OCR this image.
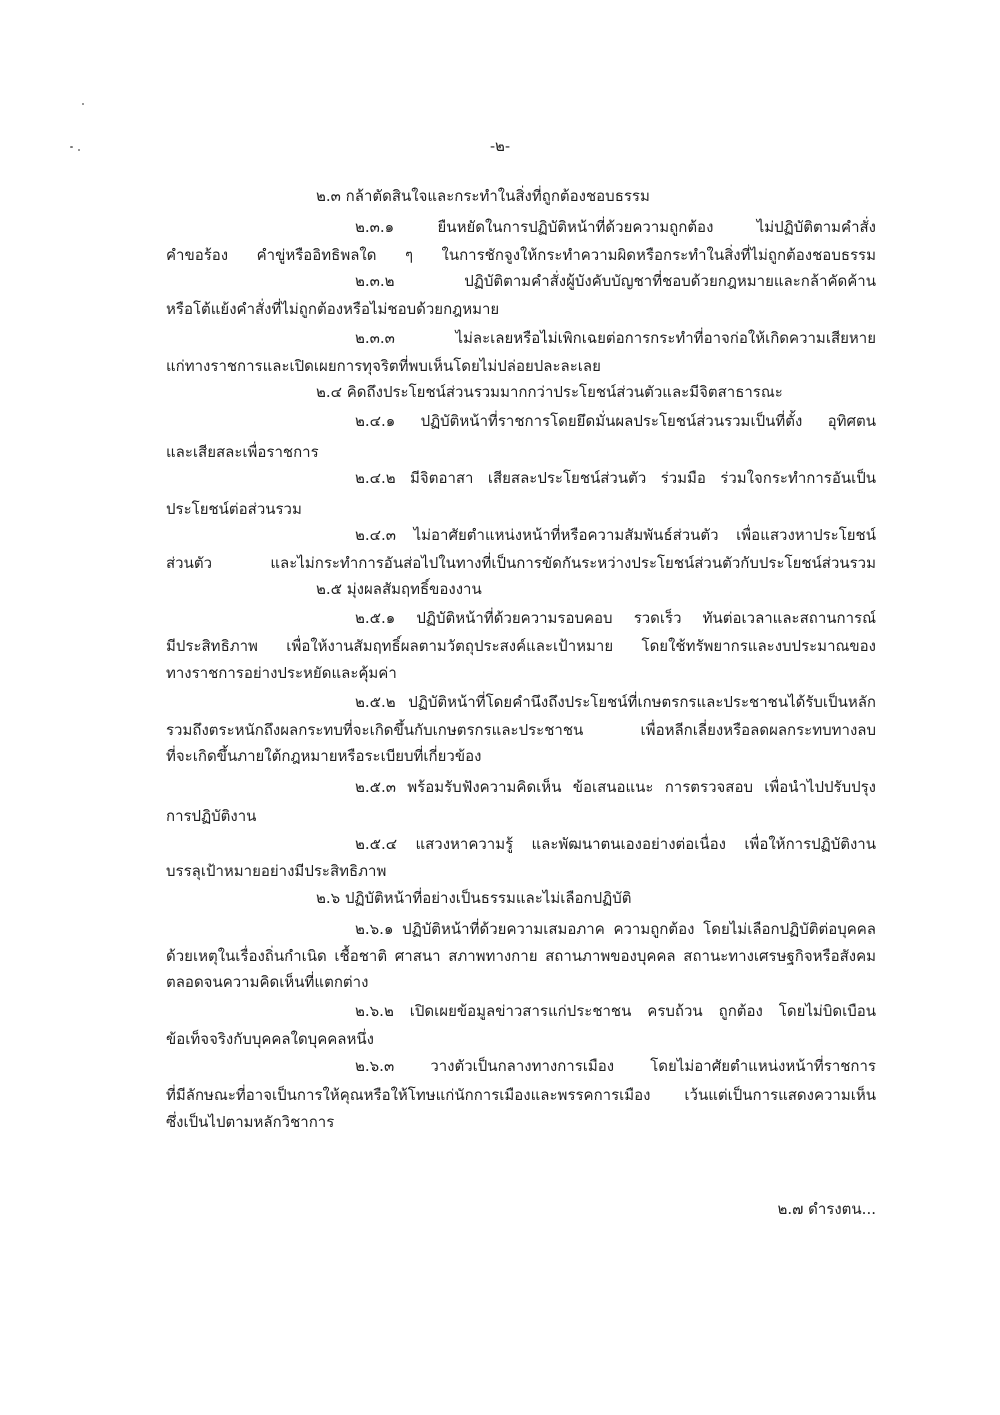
-๒-
๒.๓ กล้าตัดสินใจและกระทำในสิ่งที่ถูกต้องชอบธรรม
๒.๓.๑ ยืนหยัดในการปฏิบัติหน้าที่ด้วยความถูกต้อง ไม่ปฏิบัติตามคำสั่ง
คำขอร้อง คำขู่หรืออิทธิพลใด ๆ ในการชักจูงให้กระทำความผิดหรือกระทำในสิ่งที่ไม่ถูกต้องชอบธรรม
๒.๓.๒ ปฏิบัติตามคำสั่งผู้บังคับบัญชาที่ชอบด้วยกฎหมายและกล้าคัดค้าน
หรือโต้แย้งคำสั่งที่ไม่ถูกต้องหรือไม่ชอบด้วยกฎหมาย
๒.๓.๓ ไม่ละเลยหรือไม่เพิกเฉยต่อการกระทำที่อาจก่อให้เกิดความเสียหาย
แก่ทางราชการและเปิดเผยการทุจริตที่พบเห็นโดยไม่ปล่อยปละละเลย
๒.๔ คิดถึงประโยชน์ส่วนรวมมากกว่าประโยชน์ส่วนตัวและมีจิตสาธารณะ
๒.๔.๑ ปฏิบัติหน้าที่ราชการโดยยึดมั่นผลประโยชน์ส่วนรวมเป็นที่ตั้ง อุทิศตน
และเสียสละเพื่อราชการ
๒.๔.๒ มีจิตอาสา เสียสละประโยชน์ส่วนตัว ร่วมมือ ร่วมใจกระทำการอันเป็น
ประโยชน์ต่อส่วนรวม
๒.๔.๓ ไม่อาศัยตำแหน่งหน้าที่หรือความสัมพันธ์ส่วนตัว เพื่อแสวงหาประโยชน์
ส่วนตัว และไม่กระทำการอันส่อไปในทางที่เป็นการขัดกันระหว่างประโยชน์ส่วนตัวกับประโยชน์ส่วนรวม
๒.๕ มุ่งผลสัมฤทธิ์ของงาน
๒.๕.๑ ปฏิบัติหน้าที่ด้วยความรอบคอบ รวดเร็ว ทันต่อเวลาและสถานการณ์
มีประสิทธิภาพ เพื่อให้งานสัมฤทธิ์ผลตามวัตถุประสงค์และเป้าหมาย โดยใช้ทรัพยากรและงบประมาณของ
ทางราชการอย่างประหยัดและคุ้มค่า
๒.๕.๒ ปฏิบัติหน้าที่โดยคำนึงถึงประโยชน์ที่เกษตรกรและประชาชนได้รับเป็นหลัก
รวมถึงตระหนักถึงผลกระทบที่จะเกิดขึ้นกับเกษตรกรและประชาชน เพื่อหลีกเลี่ยงหรือลดผลกระทบทางลบ
ที่จะเกิดขึ้นภายใต้กฎหมายหรือระเบียบที่เกี่ยวข้อง
๒.๕.๓ พร้อมรับฟังความคิดเห็น ข้อเสนอแนะ การตรวจสอบ เพื่อนำไปปรับปรุง
การปฏิบัติงาน
๒.๕.๔ แสวงหาความรู้ และพัฒนาตนเองอย่างต่อเนื่อง เพื่อให้การปฏิบัติงาน
บรรลุเป้าหมายอย่างมีประสิทธิภาพ
๒.๖ ปฏิบัติหน้าที่อย่างเป็นธรรมและไม่เลือกปฏิบัติ
๒.๖.๑ ปฏิบัติหน้าที่ด้วยความเสมอภาค ความถูกต้อง โดยไม่เลือกปฏิบัติต่อบุคคล
ด้วยเหตุในเรื่องถิ่นกำเนิด เชื้อชาติ ศาสนา สภาพทางกาย สถานภาพของบุคคล สถานะทางเศรษฐกิจหรือสังคม
ตลอดจนความคิดเห็นที่แตกต่าง
๒.๖.๒ เปิดเผยข้อมูลข่าวสารแก่ประชาชน ครบถ้วน ถูกต้อง โดยไม่บิดเบือน
ข้อเท็จจริงกับบุคคลใดบุคคลหนึ่ง
๒.๖.๓ วางตัวเป็นกลางทางการเมือง โดยไม่อาศัยตำแหน่งหน้าที่ราชการ
ที่มีลักษณะที่อาจเป็นการให้คุณหรือให้โทษแก่นักการเมืองและพรรคการเมือง เว้นแต่เป็นการแสดงความเห็น
ซึ่งเป็นไปตามหลักวิชาการ
๒.๗ ดำรงตน...
